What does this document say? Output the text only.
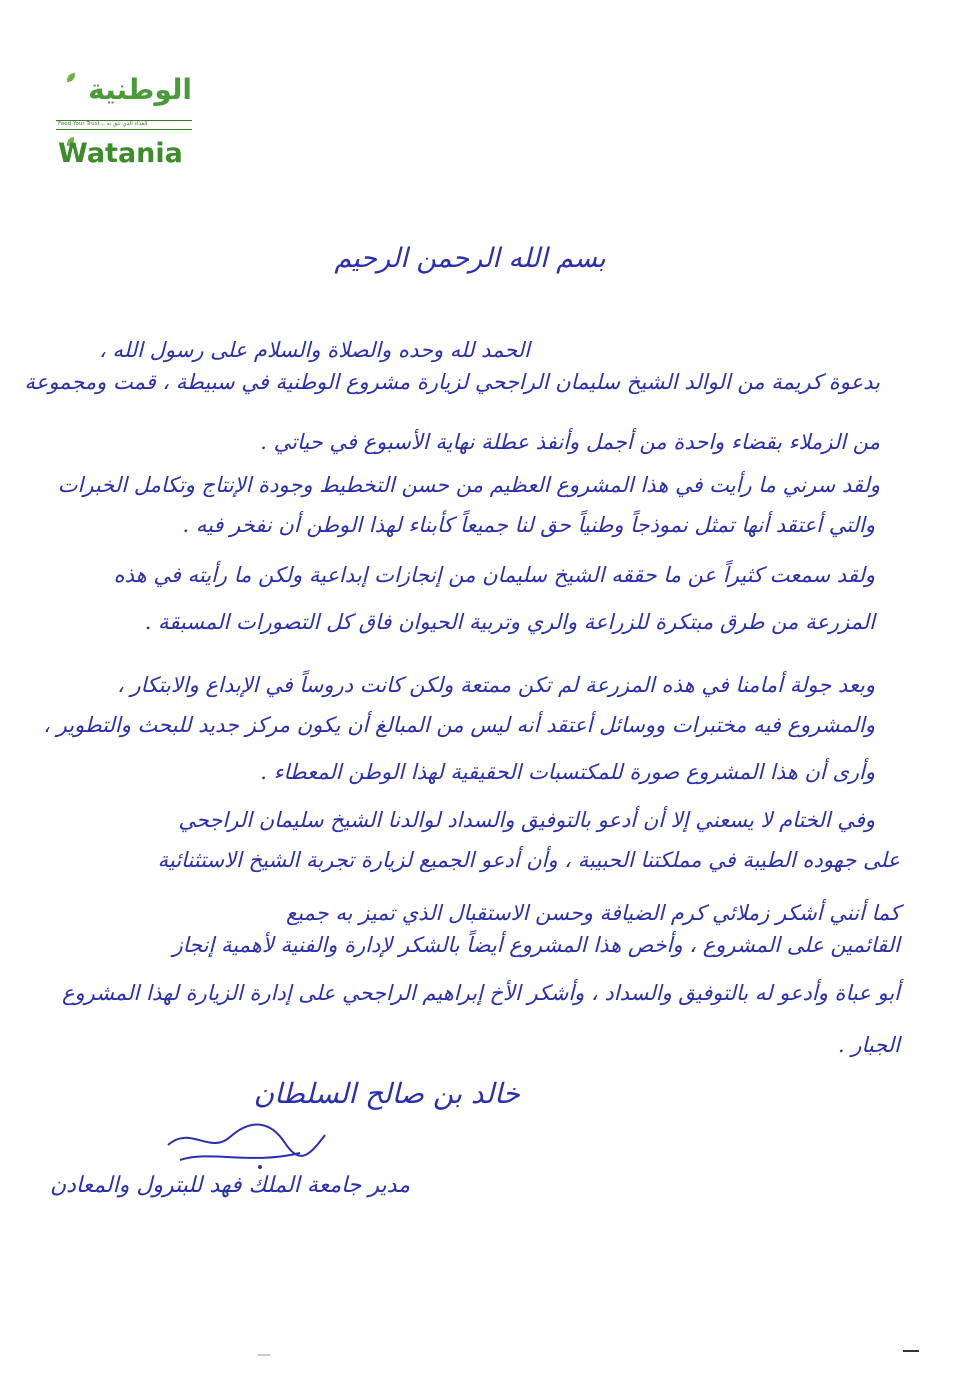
الوطنية
Feed Your Trust... الغذاء الذي تثق به
Watania
بسم الله الرحمن الرحيم
الحمد لله وحده والصلاة والسلام على رسول الله ،
بدعوة كريمة من الوالد الشيخ سليمان الراجحي لزيارة مشروع الوطنية في سبيطة ، قمت ومجموعة
من الزملاء بقضاء واحدة من أجمل وأنفذ عطلة نهاية الأسبوع في حياتي .
ولقد سرني ما رأيت في هذا المشروع العظيم من حسن التخطيط وجودة الإنتاج وتكامل الخبرات
والتي أعتقد أنها تمثل نموذجاً وطنياً حق لنا جميعاً كأبناء لهذا الوطن أن نفخر فيه .
ولقد سمعت كثيراً عن ما حققه الشيخ سليمان من إنجازات إبداعية ولكن ما رأيته في هذه
المزرعة من طرق مبتكرة للزراعة والري وتربية الحيوان فاق كل التصورات المسبقة .
وبعد جولة أمامنا في هذه المزرعة لم تكن ممتعة ولكن كانت دروساً في الإبداع والابتكار ،
والمشروع فيه مختبرات ووسائل أعتقد أنه ليس من المبالغ أن يكون مركز جديد للبحث والتطوير ،
وأرى أن هذا المشروع صورة للمكتسبات الحقيقية لهذا الوطن المعطاء .
وفي الختام لا يسعني إلا أن أدعو بالتوفيق والسداد لوالدنا الشيخ سليمان الراجحي
على جهوده الطيبة في مملكتنا الحبيبة ، وأن أدعو الجميع لزيارة تجربة الشيخ الاستثنائية
كما أنني أشكر زملائي كرم الضيافة وحسن الاستقبال الذي تميز به جميع
القائمين على المشروع ، وأخص هذا المشروع أيضاً بالشكر لإدارة والفنية لأهمية إنجاز
أبو عباة وأدعو له بالتوفيق والسداد ، وأشكر الأخ إبراهيم الراجحي على إدارة الزيارة لهذا المشروع
الجبار .
خالد بن صالح السلطان
مدير جامعة الملك فهد للبترول والمعادن
